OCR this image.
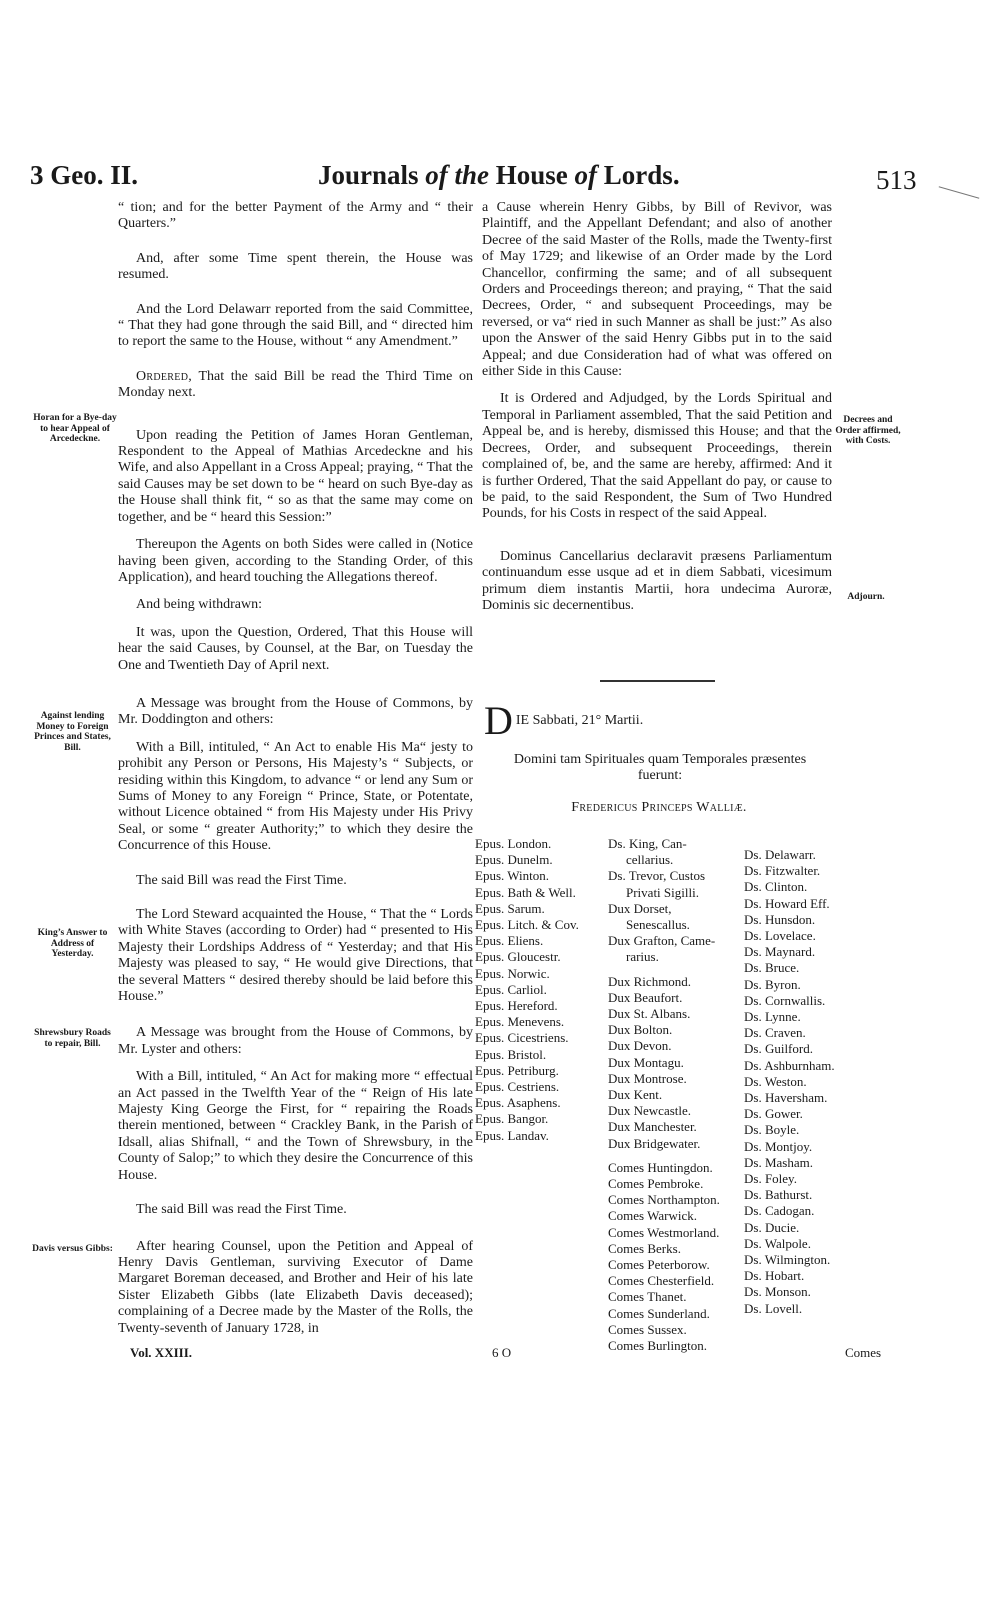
3 Geo. II.	Journals of the House of Lords.	513

“ tion; and for the better Payment of the Army and “ their Quarters.”

And, after some Time spent therein, the House was resumed.

And the Lord Delawarr reported from the said Committee, “ That they had gone through the said Bill, and “ directed him to report the same to the House, without “ any Amendment.”

Ordered, That the said Bill be read the Third Time on Monday next.

Upon reading the Petition of James Horan Gentleman, Respondent to the Appeal of Mathias Arcedeckne and his Wife, and also Appellant in a Cross Appeal; praying, “ That the said Causes may be set down to be “ heard on such Bye-day as the House shall think fit, “ so as that the same may come on together, and be “ heard this Session:”

Thereupon the Agents on both Sides were called in (Notice having been given, according to the Standing Order, of this Application), and heard touching the Allegations thereof.

And being withdrawn:

It was, upon the Question, Ordered, That this House will hear the said Causes, by Counsel, at the Bar, on Tuesday the One and Twentieth Day of April next.

A Message was brought from the House of Commons, by Mr. Doddington and others:

With a Bill, intituled, “ An Act to enable His Ma“ jesty to prohibit any Person or Persons, His Majesty’s “ Subjects, or residing within this Kingdom, to advance “ or lend any Sum or Sums of Money to any Foreign “ Prince, State, or Potentate, without Licence obtained “ from His Majesty under His Privy Seal, or some “ greater Authority;” to which they desire the Concurrence of this House.

The said Bill was read the First Time.

The Lord Steward acquainted the House, “ That the “ Lords with White Staves (according to Order) had “ presented to His Majesty their Lordships Address of “ Yesterday; and that His Majesty was pleased to say, “ He would give Directions, that the several Matters “ desired thereby should be laid before this House.”

A Message was brought from the House of Commons, by Mr. Lyster and others:

With a Bill, intituled, “ An Act for making more “ effectual an Act passed in the Twelfth Year of the “ Reign of His late Majesty King George the First, for “ repairing the Roads therein mentioned, between “ Crackley Bank, in the Parish of Idsall, alias Shifnall, “ and the Town of Shrewsbury, in the County of Salop;” to which they desire the Concurrence of this House.

The said Bill was read the First Time.

After hearing Counsel, upon the Petition and Appeal of Henry Davis Gentleman, surviving Executor of Dame Margaret Boreman deceased, and Brother and Heir of his late Sister Elizabeth Gibbs (late Elizabeth Davis deceased); complaining of a Decree made by the Master of the Rolls, the Twenty-seventh of January 1728, in

Horan for a Bye-day to hear Appeal of Arcedeckne.
Against lending Money to Foreign Princes and States, Bill.
King’s Answer to Address of Yesterday.
Shrewsbury Roads to repair, Bill.
Davis versus Gibbs:
Decrees and Order affirmed, with Costs.
Adjourn.

a Cause wherein Henry Gibbs, by Bill of Revivor, was Plaintiff, and the Appellant Defendant; and also of another Decree of the said Master of the Rolls, made the Twenty-first of May 1729; and likewise of an Order made by the Lord Chancellor, confirming the same; and of all subsequent Orders and Proceedings thereon; and praying, “ That the said Decrees, Order, “ and subsequent Proceedings, may be reversed, or va“ ried in such Manner as shall be just:” As also upon the Answer of the said Henry Gibbs put in to the said Appeal; and due Consideration had of what was offered on either Side in this Cause:

It is Ordered and Adjudged, by the Lords Spiritual and Temporal in Parliament assembled, That the said Petition and Appeal be, and is hereby, dismissed this House; and that the Decrees, Order, and subsequent Proceedings, therein complained of, be, and the same are hereby, affirmed: And it is further Ordered, That the said Appellant do pay, or cause to be paid, to the said Respondent, the Sum of Two Hundred Pounds, for his Costs in respect of the said Appeal.

Dominus Cancellarius declaravit præsens Parliamentum continuandum esse usque ad et in diem Sabbati, vicesimum primum diem instantis Martii, hora undecima Auroræ, Dominis sic decernentibus.

D IE Sabbati, 21° Martii.
Domini tam Spirituales quam Temporales præsentes fuerunt:
Fredericus Princeps Walliæ.
Epus. London.
Epus. Dunelm.
Epus. Winton.
Epus. Bath & Well.
Epus. Sarum.
Epus. Litch. & Cov.
Epus. Eliens.
Epus. Gloucestr.
Epus. Norwic.
Epus. Carliol.
Epus. Hereford.
Epus. Menevens.
Epus. Cicestriens.
Epus. Bristol.
Epus. Petriburg.
Epus. Cestriens.
Epus. Asaphens.
Epus. Bangor.
Epus. Landav.
Ds. King, Can-
cellarius.
Ds. Trevor, Custos
Privati Sigilli.
Dux Dorset,
Senescallus.
Dux Grafton, Came-
rarius.
Dux Richmond.
Dux Beaufort.
Dux St. Albans.
Dux Bolton.
Dux Devon.
Dux Montagu.
Dux Montrose.
Dux Kent.
Dux Newcastle.
Dux Manchester.
Dux Bridgewater.
Comes Huntingdon.
Comes Pembroke.
Comes Northampton.
Comes Warwick.
Comes Westmorland.
Comes Berks.
Comes Peterborow.
Comes Chesterfield.
Comes Thanet.
Comes Sunderland.
Comes Sussex.
Comes Burlington.
Ds. Delawarr.
Ds. Fitzwalter.
Ds. Clinton.
Ds. Howard Eff.
Ds. Hunsdon.
Ds. Lovelace.
Ds. Maynard.
Ds. Bruce.
Ds. Byron.
Ds. Cornwallis.
Ds. Lynne.
Ds. Craven.
Ds. Guilford.
Ds. Ashburnham.
Ds. Weston.
Ds. Haversham.
Ds. Gower.
Ds. Boyle.
Ds. Montjoy.
Ds. Masham.
Ds. Foley.
Ds. Bathurst.
Ds. Cadogan.
Ds. Ducie.
Ds. Walpole.
Ds. Wilmington.
Ds. Hobart.
Ds. Monson.
Ds. Lovell.
Vol. XXIII.	6 O	Comes
